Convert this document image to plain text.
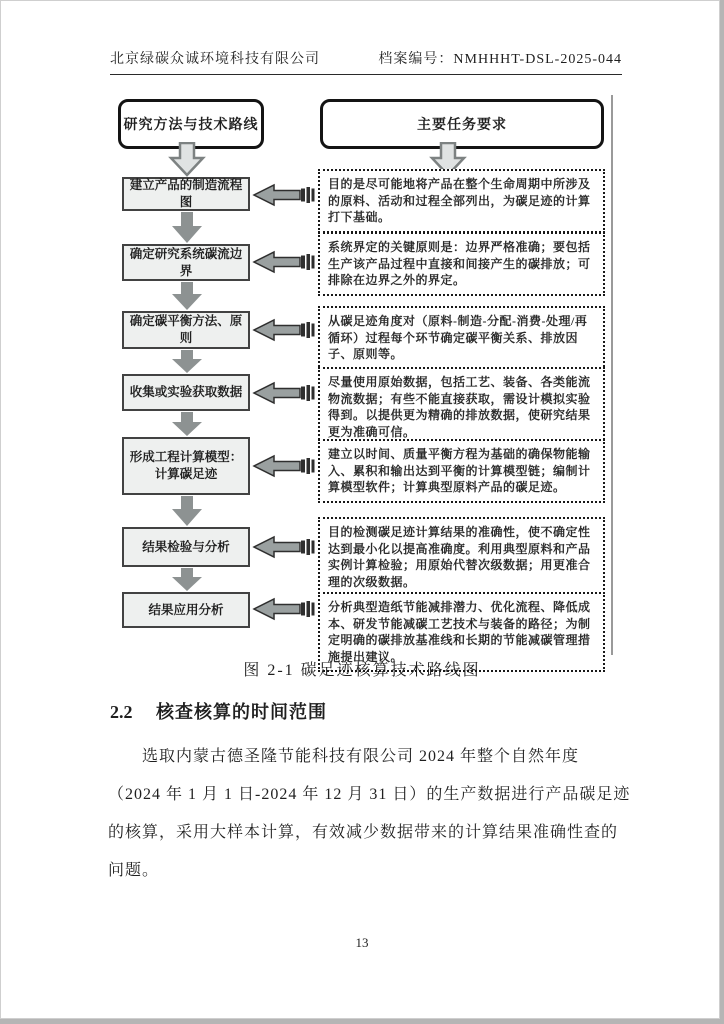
北京绿碳众诚环境科技有限公司	档案编号：NMHHHT-DSL-2025-044
研究方法与技术路线	主要任务要求
建立产品的制造流程图
确定研究系统碳流边界
确定碳平衡方法、原则
收集或实验获取数据
形成工程计算模型：计算碳足迹
结果检验与分析
结果应用分析
目的是尽可能地将产品在整个生命周期中所涉及的原料、活动和过程全部列出，为碳足迹的计算打下基础。
系统界定的关键原则是：边界严格准确；要包括生产该产品过程中直接和间接产生的碳排放；可排除在边界之外的界定。
从碳足迹角度对（原料-制造-分配-消费-处理/再循环）过程每个环节确定碳平衡关系、排放因子、原则等。
尽量使用原始数据，包括工艺、装备、各类能流物流数据；有些不能直接获取，需设计模拟实验得到。以提供更为精确的排放数据，使研究结果更为准确可信。
建立以时间、质量平衡方程为基础的确保物能输入、累积和输出达到平衡的计算模型链；编制计算模型软件；计算典型原料产品的碳足迹。
目的检测碳足迹计算结果的准确性，使不确定性达到最小化以提高准确度。利用典型原料和产品实例计算检验；用原始代替次级数据；用更准合理的次级数据。
分析典型造纸节能减排潜力、优化流程、降低成本、研发节能减碳工艺技术与装备的路径；为制定明确的碳排放基准线和长期的节能减碳管理措施提出建议。
图 2-1 碳足迹核算技术路线图
2.2 核查核算的时间范围
选取内蒙古德圣隆节能科技有限公司 2024 年整个自然年度
（2024 年 1 月 1 日-2024 年 12 月 31 日）的生产数据进行产品碳足迹
的核算，采用大样本计算，有效减少数据带来的计算结果准确性查的
问题。
13
